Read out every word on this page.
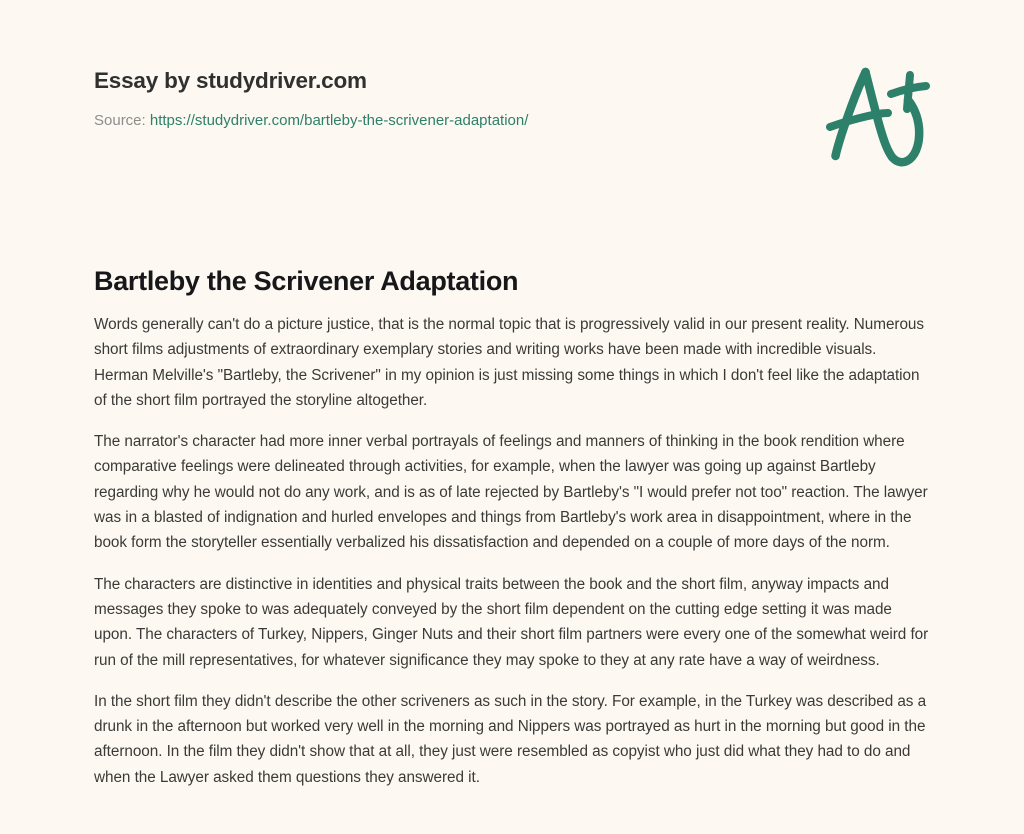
Essay by studydriver.com
Source: https://studydriver.com/bartleby-the-scrivener-adaptation/
Bartleby the Scrivener Adaptation

Words generally can't do a picture justice, that is the normal topic that is progressively valid in our present reality. Numerous short films adjustments of extraordinary exemplary stories and writing works have been made with incredible visuals. Herman Melville's "Bartleby, the Scrivener" in my opinion is just missing some things in which I don't feel like the adaptation of the short film portrayed the storyline altogether.

The narrator's character had more inner verbal portrayals of feelings and manners of thinking in the book rendition where comparative feelings were delineated through activities, for example, when the lawyer was going up against Bartleby regarding why he would not do any work, and is as of late rejected by Bartleby's "I would prefer not too" reaction. The lawyer was in a blasted of indignation and hurled envelopes and things from Bartleby's work area in disappointment, where in the book form the storyteller essentially verbalized his dissatisfaction and depended on a couple of more days of the norm.

The characters are distinctive in identities and physical traits between the book and the short film, anyway impacts and messages they spoke to was adequately conveyed by the short film dependent on the cutting edge setting it was made upon. The characters of Turkey, Nippers, Ginger Nuts and their short film partners were every one of the somewhat weird for run of the mill representatives, for whatever significance they may spoke to they at any rate have a way of weirdness.

In the short film they didn't describe the other scriveners as such in the story. For example, in the Turkey was described as a drunk in the afternoon but worked very well in the morning and Nippers was portrayed as hurt in the morning but good in the afternoon. In the film they didn't show that at all, they just were resembled as copyist who just did what they had to do and when the Lawyer asked them questions they answered it.
